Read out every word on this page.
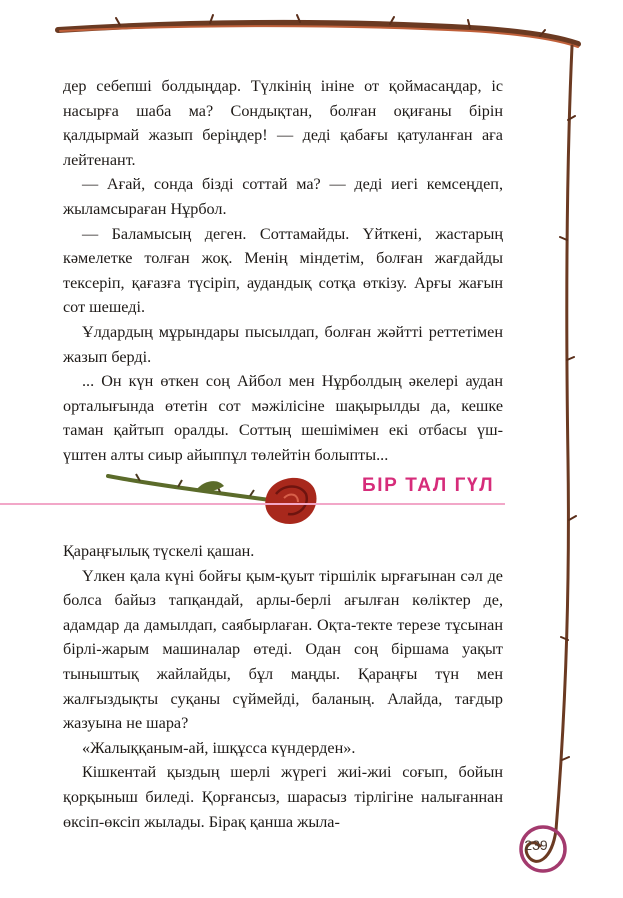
дер себепші болдыңдар. Түлкінің ініне от қоймасаңдар, іс насырға шаба ма? Сондықтан, болған оқиғаны бірін қалдырмай жазып беріңдер! — деді қабағы қатуланған аға лейтенант.

— Ағай, сонда бізді соттай ма? — деді иегі кемсеңдеп, жыламсыраған Нұрбол.

— Баламысың деген. Соттамайды. Үйткені, жастарың кәмелетке толған жоқ. Менің міндетім, болған жағдайды тексеріп, қағазға түсіріп, аудандық сотқа өткізу. Арғы жағын сот шешеді.

Ұлдардың мұрындары пысылдап, болған жәйтті реттетімен жазып берді.

... Он күн өткен соң Айбол мен Нұрболдың әкелері аудан орталығында өтетін сот мәжілісіне шақырылды да, кешке таман қайтып оралды. Соттың шешімімен екі отбасы үш-үштен алты сиыр айыппұл төлейтін болыпты...

БІР ТАЛ ГҮЛ

Қараңғылық түскелі қашан.

Үлкен қала күні бойғы қым-қуыт тіршілік ырғағынан сәл де болса байыз тапқандай, арлы-берлі ағылған көліктер де, адамдар да дамылдап, саябырлаған. Оқта-текте терезе тұсынан бірлі-жарым машиналар өтеді. Одан соң біршама уақыт тыныштық жайлайды, бұл маңды. Қараңғы түн мен жалғыздықты суқаны сүймейді, баланың. Алайда, тағдыр жазуына не шара?

«Жалыққаным-ай, ішқұсса күндерден».

Кішкентай қыздың шерлі жүрегі жиі-жиі соғып, бойын қорқыныш биледі. Қорғансыз, шарасыз тірлігіне налығаннан өксіп-өксіп жылады. Бірақ қанша жыла-

239
